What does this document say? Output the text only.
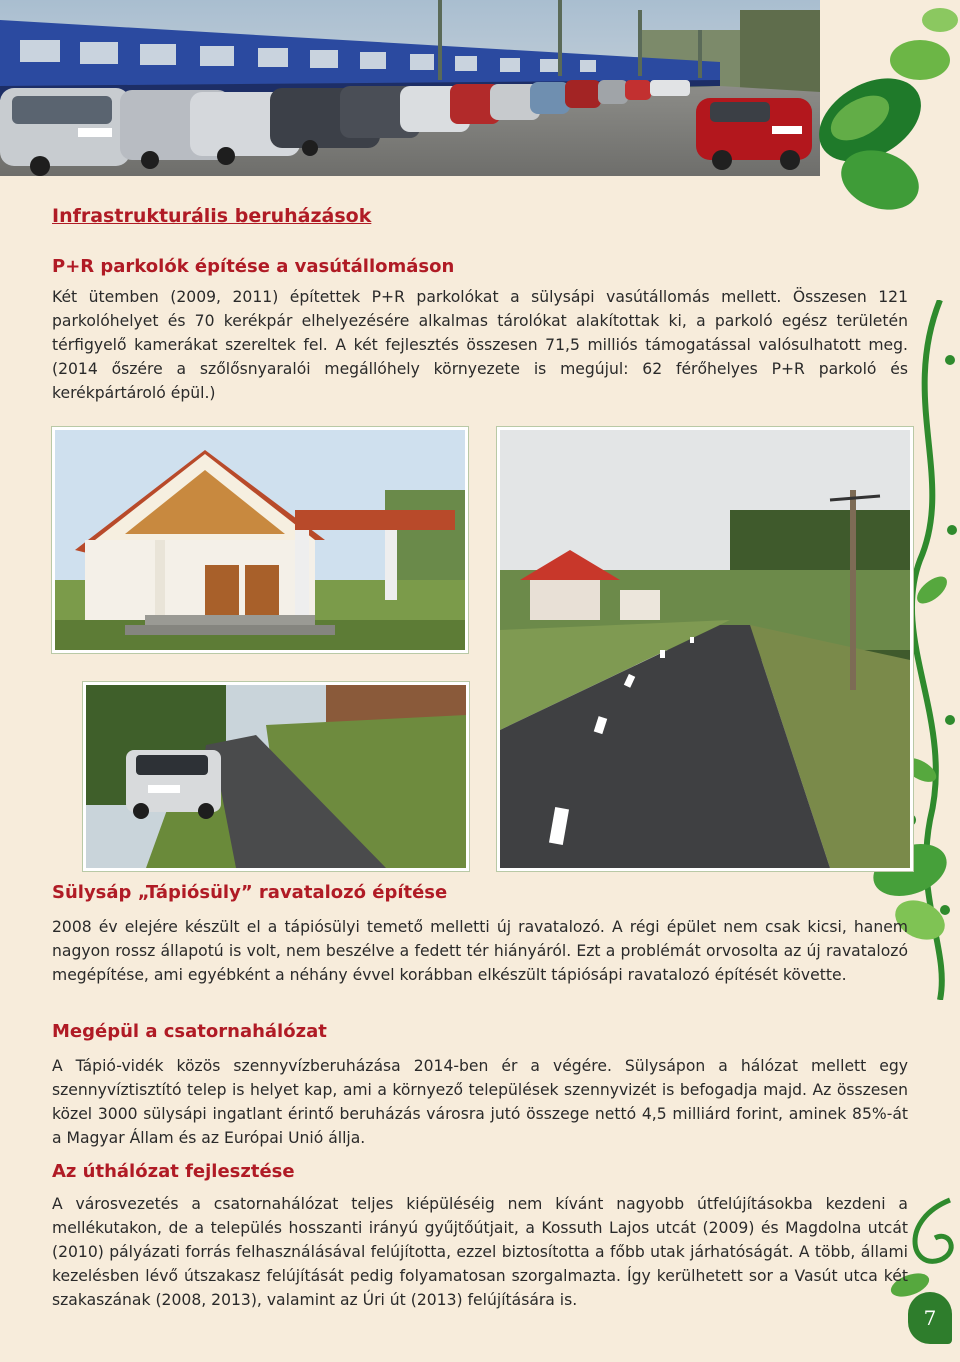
Infrastrukturális beruházások
P+R parkolók építése a vasútállomáson

Két ütemben (2009, 2011) építettek P+R parkolókat a sülysápi vasútállomás mellett. Összesen 121 parkolóhelyet és 70 kerékpár elhelyezésére alkalmas tárolókat alakítottak ki, a parkoló egész területén térfigyelő kamerákat szereltek fel. A két fejlesztés összesen 71,5 milliós támogatással valósulhatott meg. (2014 őszére a szőlősnyaralói megállóhely környezete is megújul: 62 férőhelyes P+R parkoló és kerékpártároló épül.)

Sülysáp „Tápiósüly” ravatalozó építése

2008 év elejére készült el a tápiósülyi temető melletti új ravatalozó. A régi épület nem csak kicsi, hanem nagyon rossz állapotú is volt, nem beszélve a fedett tér hiányáról. Ezt a problémát orvosolta az új ravatalozó megépítése, ami egyébként a néhány évvel korábban elkészült tápiósápi ravatalozó építését követte.

Megépül a csatornahálózat

A Tápió-vidék közös szennyvízberuházása 2014-ben ér a végére. Sülysápon a hálózat mellett egy szennyvíztisztító telep is helyet kap, ami a környező települések szennyvizét is befogadja majd. Az összesen közel 3000 sülysápi ingatlant érintő beruházás városra jutó összege nettó 4,5 milliárd forint, aminek 85%-át a Magyar Állam és az Európai Unió állja.

Az úthálózat fejlesztése

A városvezetés a csatornahálózat teljes kiépüléséig nem kívánt nagyobb útfelújításokba kezdeni a mellékutakon, de a település hosszanti irányú gyűjtőútjait, a Kossuth Lajos utcát (2009) és Magdolna utcát (2010) pályázati forrás felhasználásával felújította, ezzel biztosította a főbb utak járhatóságát. A több, állami kezelésben lévő útszakasz felújítását pedig folyamatosan szorgalmazta. Így kerülhetett sor a Vasút utca két szakaszának (2008, 2013), valamint az Úri út (2013) felújítására is.

7
